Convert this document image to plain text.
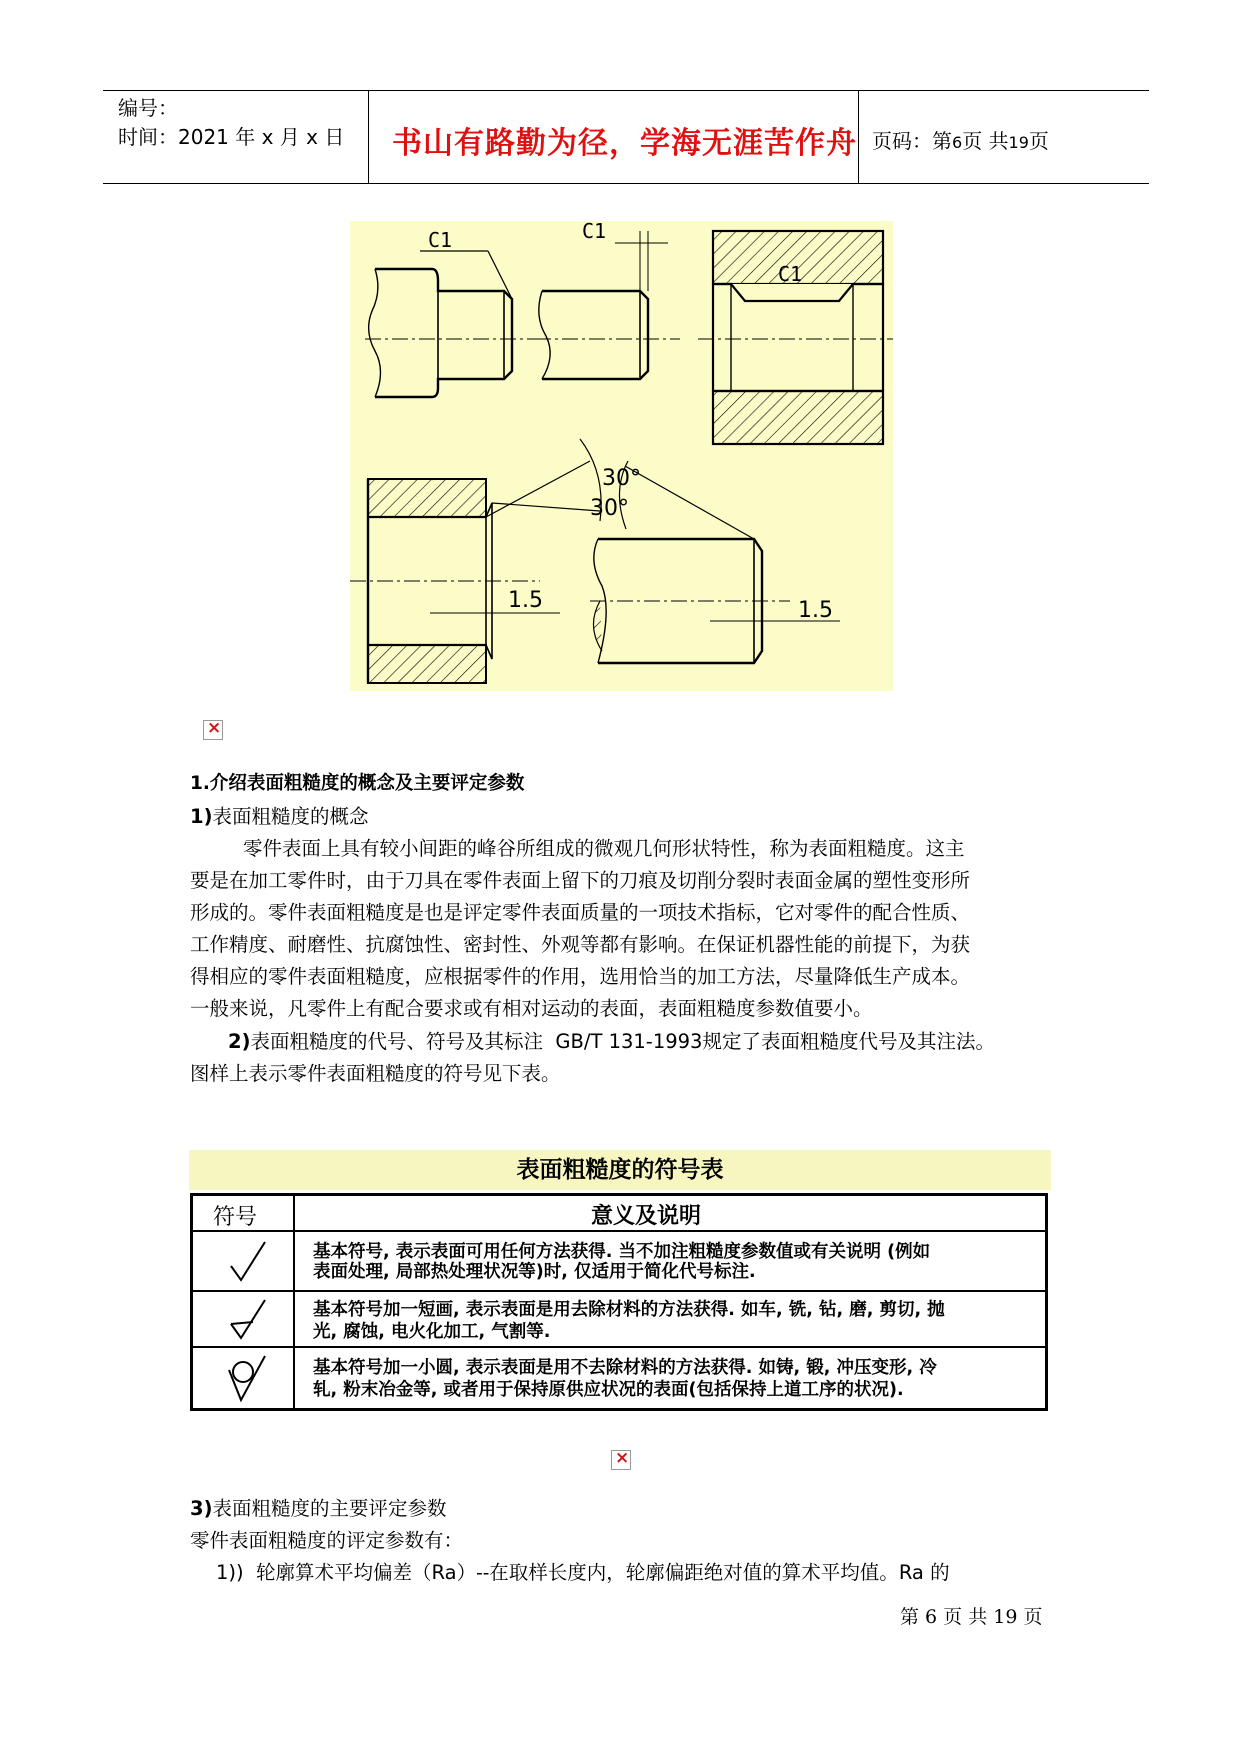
编号：
时间：2021 年 x 月 x 日 书山有路勤为径，学海无涯苦作舟 页码：第6页 共19页
C1	C1
C1
30°
1.5
30°
1.5
×
1.介绍表面粗糙度的概念及主要评定参数
1)表面粗糙度的概念
零件表面上具有较小间距的峰谷所组成的微观几何形状特性，称为表面粗糙度。这主
要是在加工零件时，由于刀具在零件表面上留下的刀痕及切削分裂时表面金属的塑性变形所
形成的。零件表面粗糙度是也是评定零件表面质量的一项技术指标，它对零件的配合性质、
工作精度、耐磨性、抗腐蚀性、密封性、外观等都有影响。在保证机器性能的前提下，为获
得相应的零件表面粗糙度，应根据零件的作用，选用恰当的加工方法，尽量降低生产成本。
一般来说，凡零件上有配合要求或有相对运动的表面，表面粗糙度参数值要小。
2)表面粗糙度的代号、符号及其标注 GB/T 131-1993规定了表面粗糙度代号及其注法。
图样上表示零件表面粗糙度的符号见下表。
表面粗糙度的符号表
符号	意义及说明
基本符号, 表示表面可用任何方法获得. 当不加注粗糙度参数值或有关说明 (例如
表面处理, 局部热处理状况等)时, 仅适用于简化代号标注.
基本符号加一短画, 表示表面是用去除材料的方法获得. 如车, 铣, 钻, 磨, 剪切, 抛
光, 腐蚀, 电火化加工, 气割等.
基本符号加一小圆, 表示表面是用不去除材料的方法获得. 如铸, 锻, 冲压变形, 冷
轧, 粉末冶金等, 或者用于保持原供应状况的表面(包括保持上道工序的状况).
×
3)表面粗糙度的主要评定参数
零件表面粗糙度的评定参数有：
1)) 轮廓算术平均偏差（Ra）--在取样长度内，轮廓偏距绝对值的算术平均值。Ra 的
第 6 页 共 19 页
